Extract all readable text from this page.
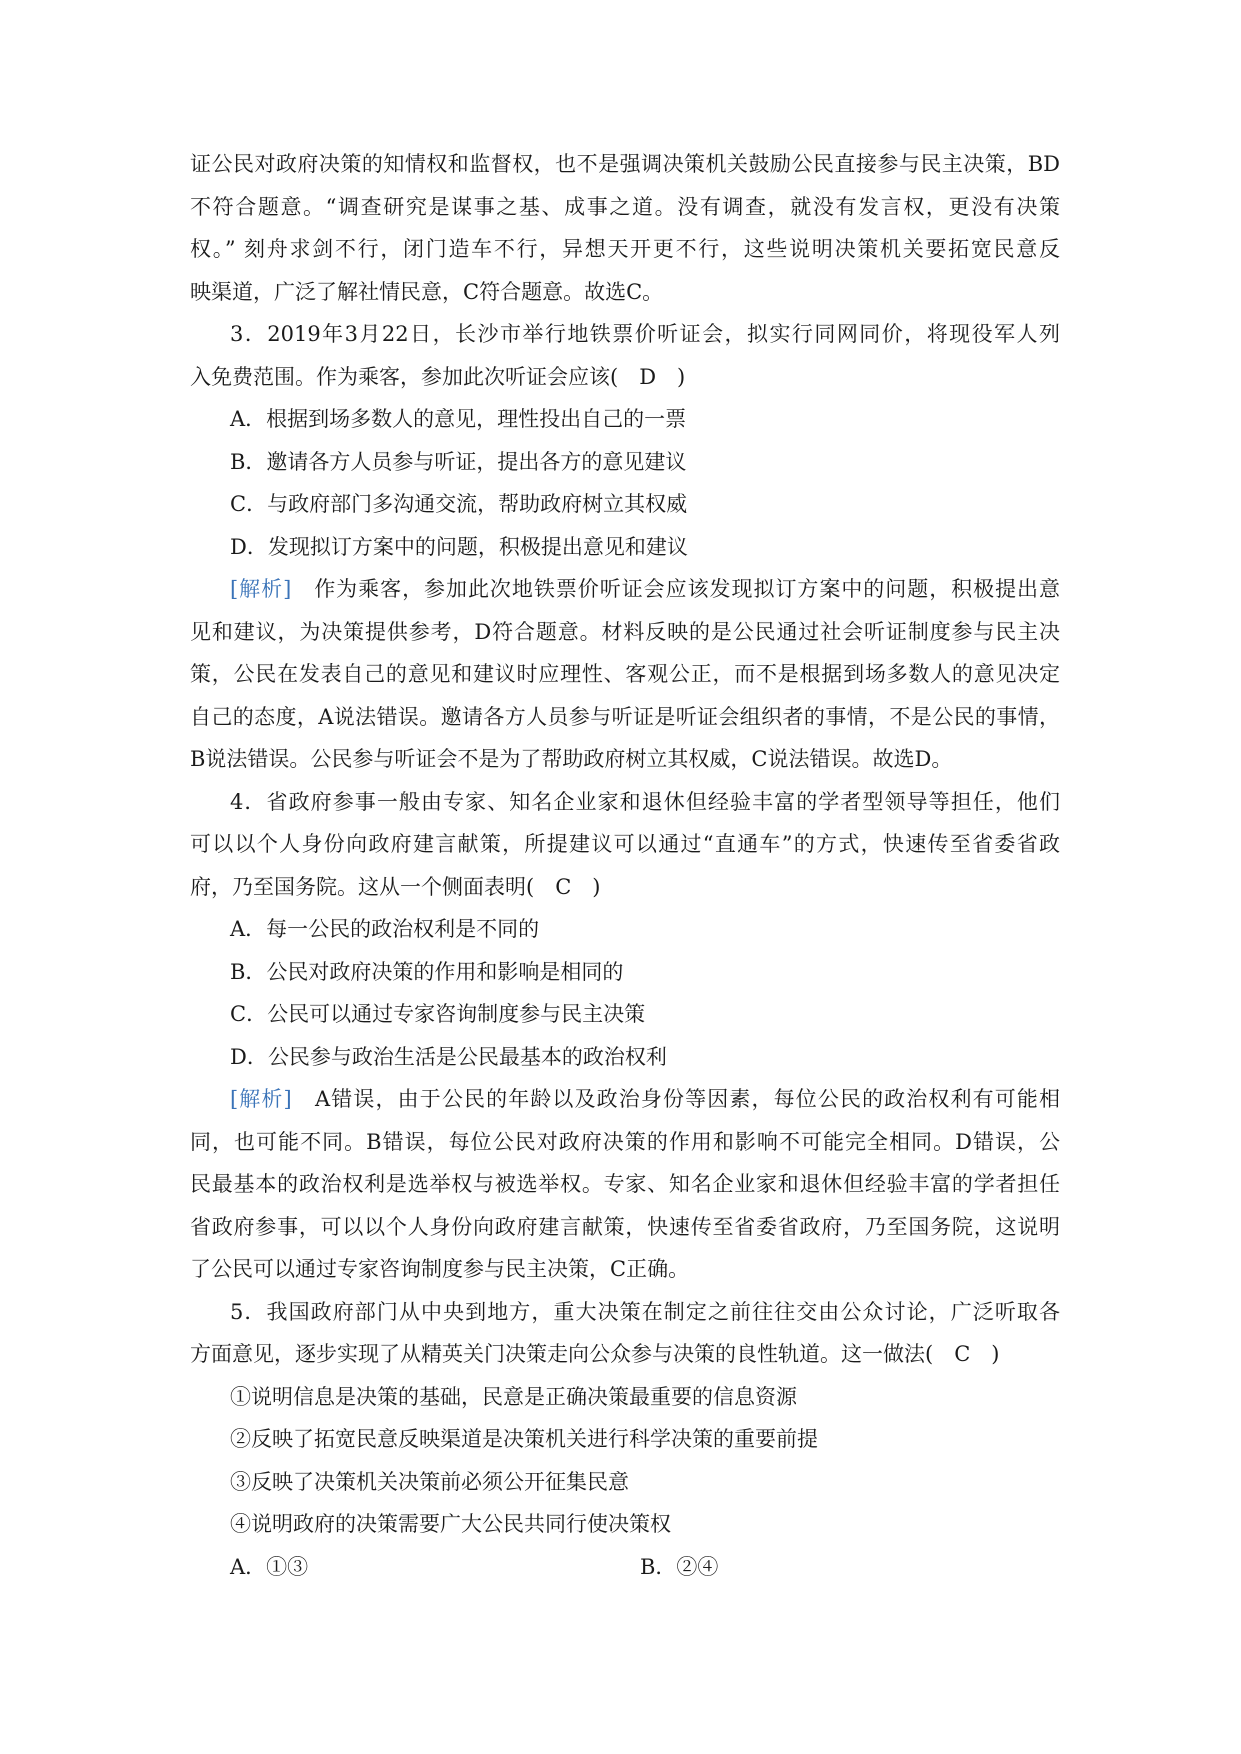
证公民对政府决策的知情权和监督权，也不是强调决策机关鼓励公民直接参与民主决策，BD
不符合题意。“调查研究是谋事之基、成事之道。没有调查，就没有发言权，更没有决策
权。” 刻舟求剑不行，闭门造车不行，异想天开更不行，这些说明决策机关要拓宽民意反
映渠道，广泛了解社情民意，C符合题意。故选C。
3．2019年3月22日，长沙市举行地铁票价听证会，拟实行同网同价，将现役军人列
入免费范围。作为乘客，参加此次听证会应该(　D　)
A．根据到场多数人的意见，理性投出自己的一票
B．邀请各方人员参与听证，提出各方的意见建议
C．与政府部门多沟通交流，帮助政府树立其权威
D．发现拟订方案中的问题，积极提出意见和建议
[解析]　 作为乘客，参加此次地铁票价听证会应该发现拟订方案中的问题，积极提出意
见和建议，为决策提供参考，D符合题意。材料反映的是公民通过社会听证制度参与民主决
策，公民在发表自己的意见和建议时应理性、客观公正，而不是根据到场多数人的意见决定
自己的态度，A说法错误。邀请各方人员参与听证是听证会组织者的事情，不是公民的事情，
B说法错误。公民参与听证会不是为了帮助政府树立其权威，C说法错误。故选D。
4．省政府参事一般由专家、知名企业家和退休但经验丰富的学者型领导等担任，他们
可以以个人身份向政府建言献策，所提建议可以通过“直通车”的方式，快速传至省委省政
府，乃至国务院。这从一个侧面表明(　C　)
A．每一公民的政治权利是不同的
B．公民对政府决策的作用和影响是相同的
C．公民可以通过专家咨询制度参与民主决策
D．公民参与政治生活是公民最基本的政治权利
[解析]　 A错误，由于公民的年龄以及政治身份等因素，每位公民的政治权利有可能相
同，也可能不同。B错误，每位公民对政府决策的作用和影响不可能完全相同。D错误，公
民最基本的政治权利是选举权与被选举权。专家、知名企业家和退休但经验丰富的学者担任
省政府参事，可以以个人身份向政府建言献策，快速传至省委省政府，乃至国务院，这说明
了公民可以通过专家咨询制度参与民主决策，C正确。
5．我国政府部门从中央到地方，重大决策在制定之前往往交由公众讨论，广泛听取各
方面意见，逐步实现了从精英关门决策走向公众参与决策的良性轨道。这一做法(　C　)
①说明信息是决策的基础，民意是正确决策最重要的信息资源
②反映了拓宽民意反映渠道是决策机关进行科学决策的重要前提
③反映了决策机关决策前必须公开征集民意
④说明政府的决策需要广大公民共同行使决策权
A．①③	B．②④
